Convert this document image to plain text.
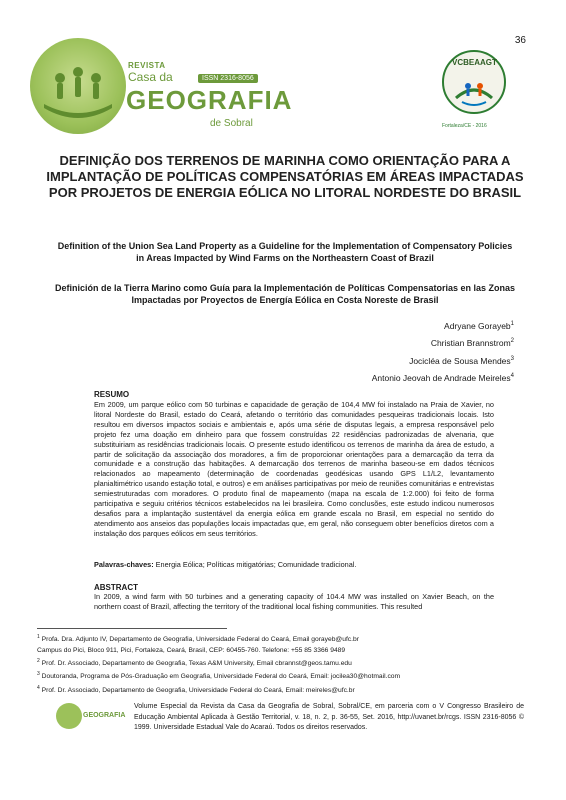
REVISTA
Casa da	ISSN 2316-8056
GEOGRAFIA
de Sobral
36
VCBEAAGT
Fortaleza/CE - 2016
DEFINIÇÃO DOS TERRENOS DE MARINHA COMO ORIENTAÇÃO PARA A IMPLANTAÇÃO DE POLÍTICAS COMPENSATÓRIAS EM ÁREAS IMPACTADAS POR PROJETOS DE ENERGIA EÓLICA NO LITORAL NORDESTE DO BRASIL
Definition of the Union Sea Land Property as a Guideline for the Implementation of Compensatory Policies in Areas Impacted by Wind Farms on the Northeastern Coast of Brazil
Definición de la Tierra Marino como Guía para la Implementación de Políticas Compensatorias en las Zonas Impactadas por Proyectos de Energía Eólica en Costa Noreste de Brasil
Adryane Gorayeb$^1$
Christian Brannstrom$^2$
Jocicléa de Sousa Mendes$^3$
Antonio Jeovah de Andrade Meireles$^4$
RESUMO
Em 2009, um parque eólico com 50 turbinas e capacidade de geração de 104,4 MW foi instalado na Praia de Xavier, no litoral Nordeste do Brasil, estado do Ceará, afetando o território das comunidades pesqueiras tradicionais locais. Isto resultou em diversos impactos sociais e ambientais e, após uma série de disputas legais, a empresa responsável pelo projeto fez uma doação em dinheiro para que fossem construídas 22 residências padronizadas de alvenaria, que substituiriam as residências tradicionais locais. O presente estudo identificou os terrenos de marinha da área de estudo, a partir de solicitação da associação dos moradores, a fim de proporcionar orientações para a demarcação da terra da comunidade e a construção das habitações. A demarcação dos terrenos de marinha baseou-se em dados técnicos relacionados ao mapeamento (determinação de coordenadas geodésicas usando GPS L1/L2, levantamento planialtimétrico usando estação total, e outros) e em análises participativas por meio de reuniões comunitárias e entrevistas semiestruturadas com moradores. O produto final de mapeamento (mapa na escala de 1:2.000) foi feito de forma participativa e seguiu critérios técnicos estabelecidos na lei brasileira. Como conclusões, este estudo indicou numerosos desafios para a implantação sustentável da energia eólica em grande escala no Brasil, em especial no sentido do atendimento aos anseios das populações locais impactadas que, em geral, não conseguem obter benefícios diretos com a instalação dos parques eólicos em seus territórios.
Palavras-chaves: Energia Eólica; Políticas mitigatórias; Comunidade tradicional.
ABSTRACT
In 2009, a wind farm with 50 turbines and a generating capacity of 104.4 MW was installed on Xavier Beach, on the northern coast of Brazil, affecting the territory of the traditional local fishing communities. This resulted
$^1$ Profa. Dra. Adjunto IV, Departamento de Geografia, Universidade Federal do Ceará, Email gorayeb@ufc.br
Campus do Pici, Bloco 911, Pici, Fortaleza, Ceará, Brasil, CEP: 60455-760. Telefone: +55 85 3366 9489
$^2$ Prof. Dr. Associado, Departamento de Geografia, Texas A&M University, Email cbrannst@geos.tamu.edu
$^3$ Doutoranda, Programa de Pós-Graduação em Geografia, Universidade Federal do Ceará, Email: jocilea30@hotmail.com
$^4$ Prof. Dr. Associado, Departamento de Geografia, Universidade Federal do Ceará, Email: meireles@ufc.br
GEOGRAFIA
Volume Especial da Revista da Casa da Geografia de Sobral, Sobral/CE, em parceria com o V Congresso Brasileiro de Educação Ambiental Aplicada à Gestão Territorial, v. 18, n. 2, p. 36-55, Set. 2016, http://uvanet.br/rcgs. ISSN 2316-8056 © 1999. Universidade Estadual Vale do Acaraú. Todos os direitos reservados.
